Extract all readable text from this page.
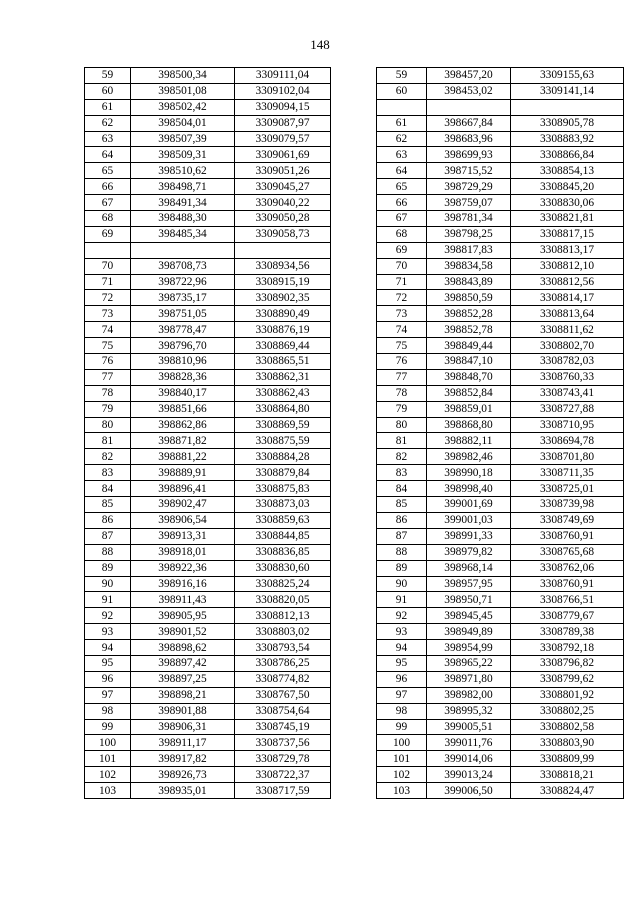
148
59	398500,34	3309111,04
60	398501,08	3309102,04
61	398502,42	3309094,15
62	398504,01	3309087,97
63	398507,39	3309079,57
64	398509,31	3309061,69
65	398510,62	3309051,26
66	398498,71	3309045,27
67	398491,34	3309040,22
68	398488,30	3309050,28
69	398485,34	3309058,73

70	398708,73	3308934,56
71	398722,96	3308915,19
72	398735,17	3308902,35
73	398751,05	3308890,49
74	398778,47	3308876,19
75	398796,70	3308869,44
76	398810,96	3308865,51
77	398828,36	3308862,31
78	398840,17	3308862,43
79	398851,66	3308864,80
80	398862,86	3308869,59
81	398871,82	3308875,59
82	398881,22	3308884,28
83	398889,91	3308879,84
84	398896,41	3308875,83
85	398902,47	3308873,03
86	398906,54	3308859,63
87	398913,31	3308844,85
88	398918,01	3308836,85
89	398922,36	3308830,60
90	398916,16	3308825,24
91	398911,43	3308820,05
92	398905,95	3308812,13
93	398901,52	3308803,02
94	398898,62	3308793,54
95	398897,42	3308786,25
96	398897,25	3308774,82
97	398898,21	3308767,50
98	398901,88	3308754,64
99	398906,31	3308745,19
100	398911,17	3308737,56
101	398917,82	3308729,78
102	398926,73	3308722,37
103	398935,01	3308717,59
59	398457,20	3309155,63
60	398453,02	3309141,14

61	398667,84	3308905,78
62	398683,96	3308883,92
63	398699,93	3308866,84
64	398715,52	3308854,13
65	398729,29	3308845,20
66	398759,07	3308830,06
67	398781,34	3308821,81
68	398798,25	3308817,15
69	398817,83	3308813,17
70	398834,58	3308812,10
71	398843,89	3308812,56
72	398850,59	3308814,17
73	398852,28	3308813,64
74	398852,78	3308811,62
75	398849,44	3308802,70
76	398847,10	3308782,03
77	398848,70	3308760,33
78	398852,84	3308743,41
79	398859,01	3308727,88
80	398868,80	3308710,95
81	398882,11	3308694,78
82	398982,46	3308701,80
83	398990,18	3308711,35
84	398998,40	3308725,01
85	399001,69	3308739,98
86	399001,03	3308749,69
87	398991,33	3308760,91
88	398979,82	3308765,68
89	398968,14	3308762,06
90	398957,95	3308760,91
91	398950,71	3308766,51
92	398945,45	3308779,67
93	398949,89	3308789,38
94	398954,99	3308792,18
95	398965,22	3308796,82
96	398971,80	3308799,62
97	398982,00	3308801,92
98	398995,32	3308802,25
99	399005,51	3308802,58
100	399011,76	3308803,90
101	399014,06	3308809,99
102	399013,24	3308818,21
103	399006,50	3308824,47
